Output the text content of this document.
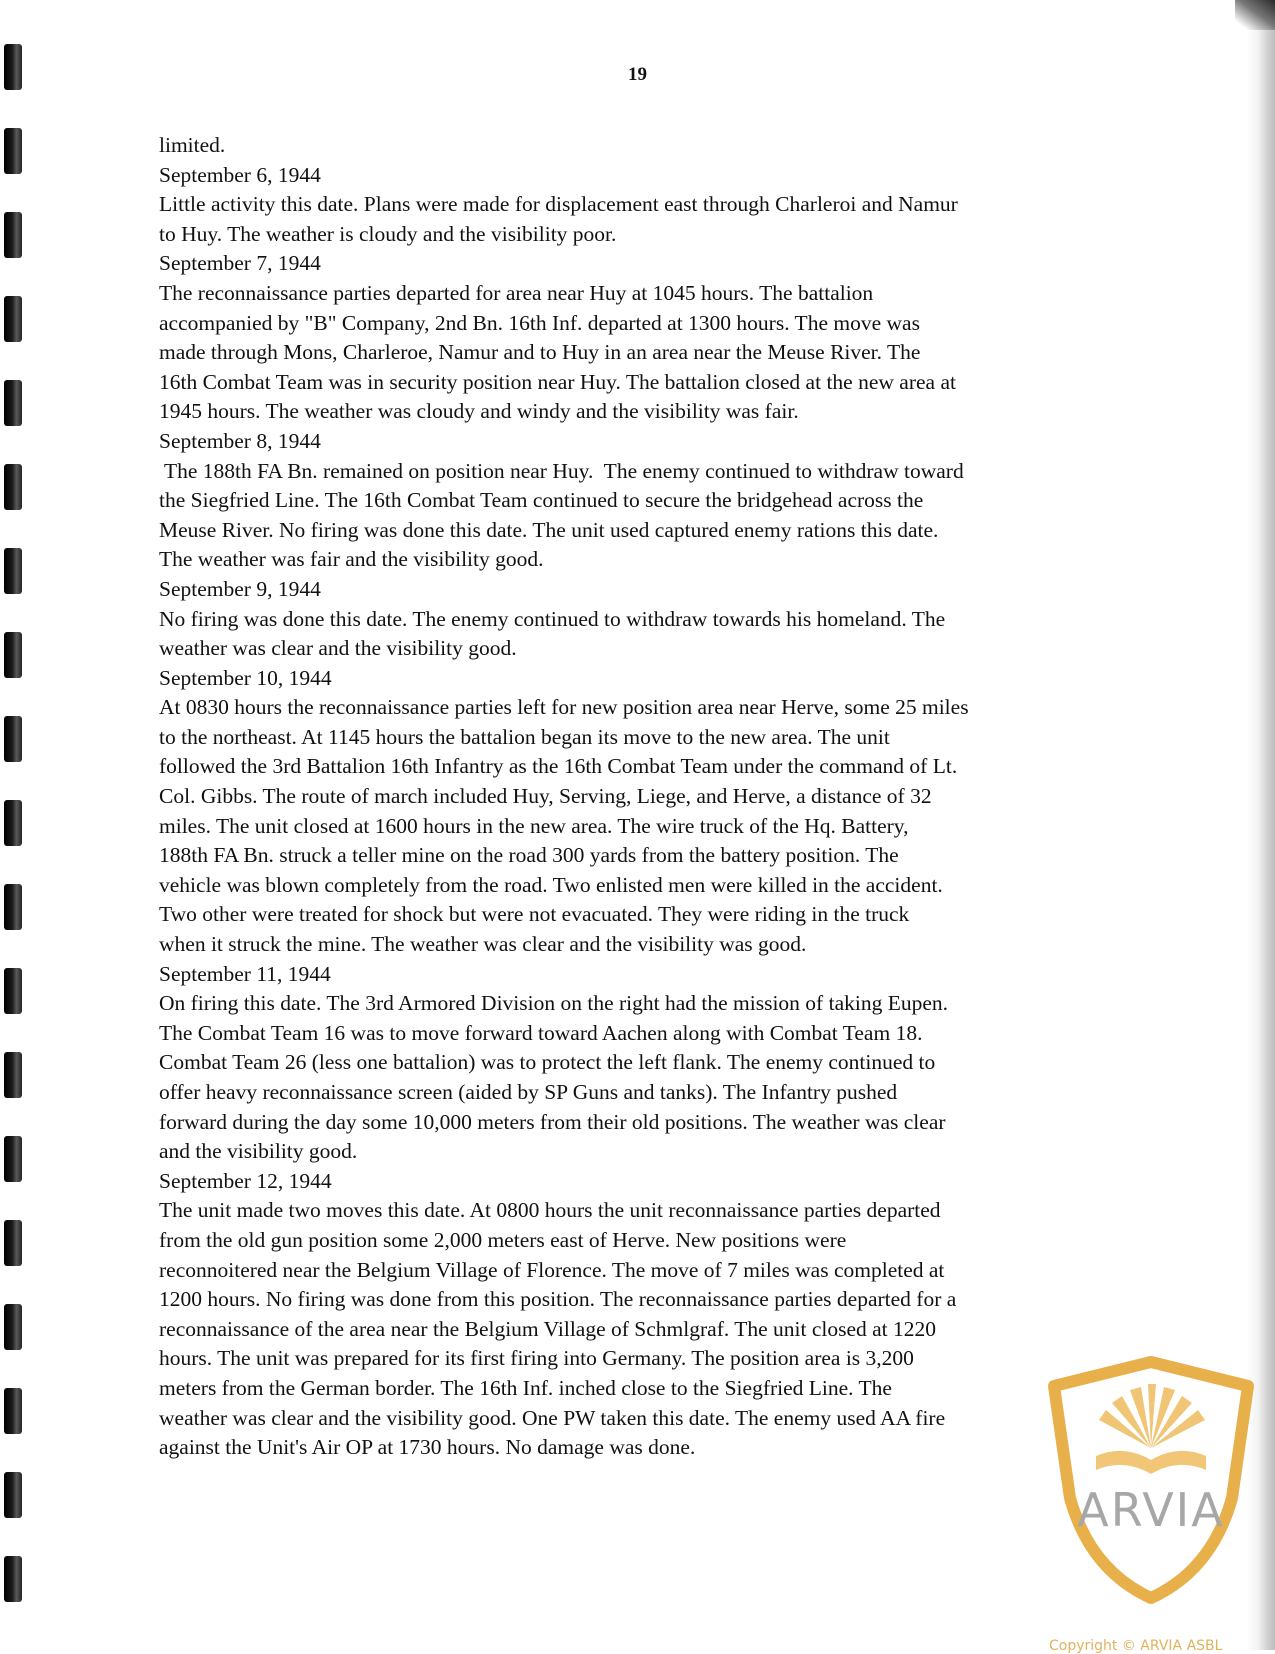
19
limited.
September 6, 1944
Little activity this date. Plans were made for displacement east through Charleroi and Namur
to Huy. The weather is cloudy and the visibility poor.
September 7, 1944
The reconnaissance parties departed for area near Huy at 1045 hours. The battalion
accompanied by "B" Company, 2nd Bn. 16th Inf. departed at 1300 hours. The move was
made through Mons, Charleroe, Namur and to Huy in an area near the Meuse River. The
16th Combat Team was in security position near Huy. The battalion closed at the new area at
1945 hours. The weather was cloudy and windy and the visibility was fair.
September 8, 1944
The 188th FA Bn. remained on position near Huy.  The enemy continued to withdraw toward
the Siegfried Line. The 16th Combat Team continued to secure the bridgehead across the
Meuse River. No firing was done this date. The unit used captured enemy rations this date.
The weather was fair and the visibility good.
September 9, 1944
No firing was done this date. The enemy continued to withdraw towards his homeland. The
weather was clear and the visibility good.
September 10, 1944
At 0830 hours the reconnaissance parties left for new position area near Herve, some 25 miles
to the northeast. At 1145 hours the battalion began its move to the new area. The unit
followed the 3rd Battalion 16th Infantry as the 16th Combat Team under the command of Lt.
Col. Gibbs. The route of march included Huy, Serving, Liege, and Herve, a distance of 32
miles. The unit closed at 1600 hours in the new area. The wire truck of the Hq. Battery,
188th FA Bn. struck a teller mine on the road 300 yards from the battery position. The
vehicle was blown completely from the road. Two enlisted men were killed in the accident.
Two other were treated for shock but were not evacuated. They were riding in the truck
when it struck the mine. The weather was clear and the visibility was good.
September 11, 1944
On firing this date. The 3rd Armored Division on the right had the mission of taking Eupen.
The Combat Team 16 was to move forward toward Aachen along with Combat Team 18.
Combat Team 26 (less one battalion) was to protect the left flank. The enemy continued to
offer heavy reconnaissance screen (aided by SP Guns and tanks). The Infantry pushed
forward during the day some 10,000 meters from their old positions. The weather was clear
and the visibility good.
September 12, 1944
The unit made two moves this date. At 0800 hours the unit reconnaissance parties departed
from the old gun position some 2,000 meters east of Herve. New positions were
reconnoitered near the Belgium Village of Florence. The move of 7 miles was completed at
1200 hours. No firing was done from this position. The reconnaissance parties departed for a
reconnaissance of the area near the Belgium Village of Schmlgraf. The unit closed at 1220
hours. The unit was prepared for its first firing into Germany. The position area is 3,200
meters from the German border. The 16th Inf. inched close to the Siegfried Line. The
weather was clear and the visibility good. One PW taken this date. The enemy used AA fire
against the Unit's Air OP at 1730 hours. No damage was done.
ARVIA
Copyright © ARVIA ASBL
